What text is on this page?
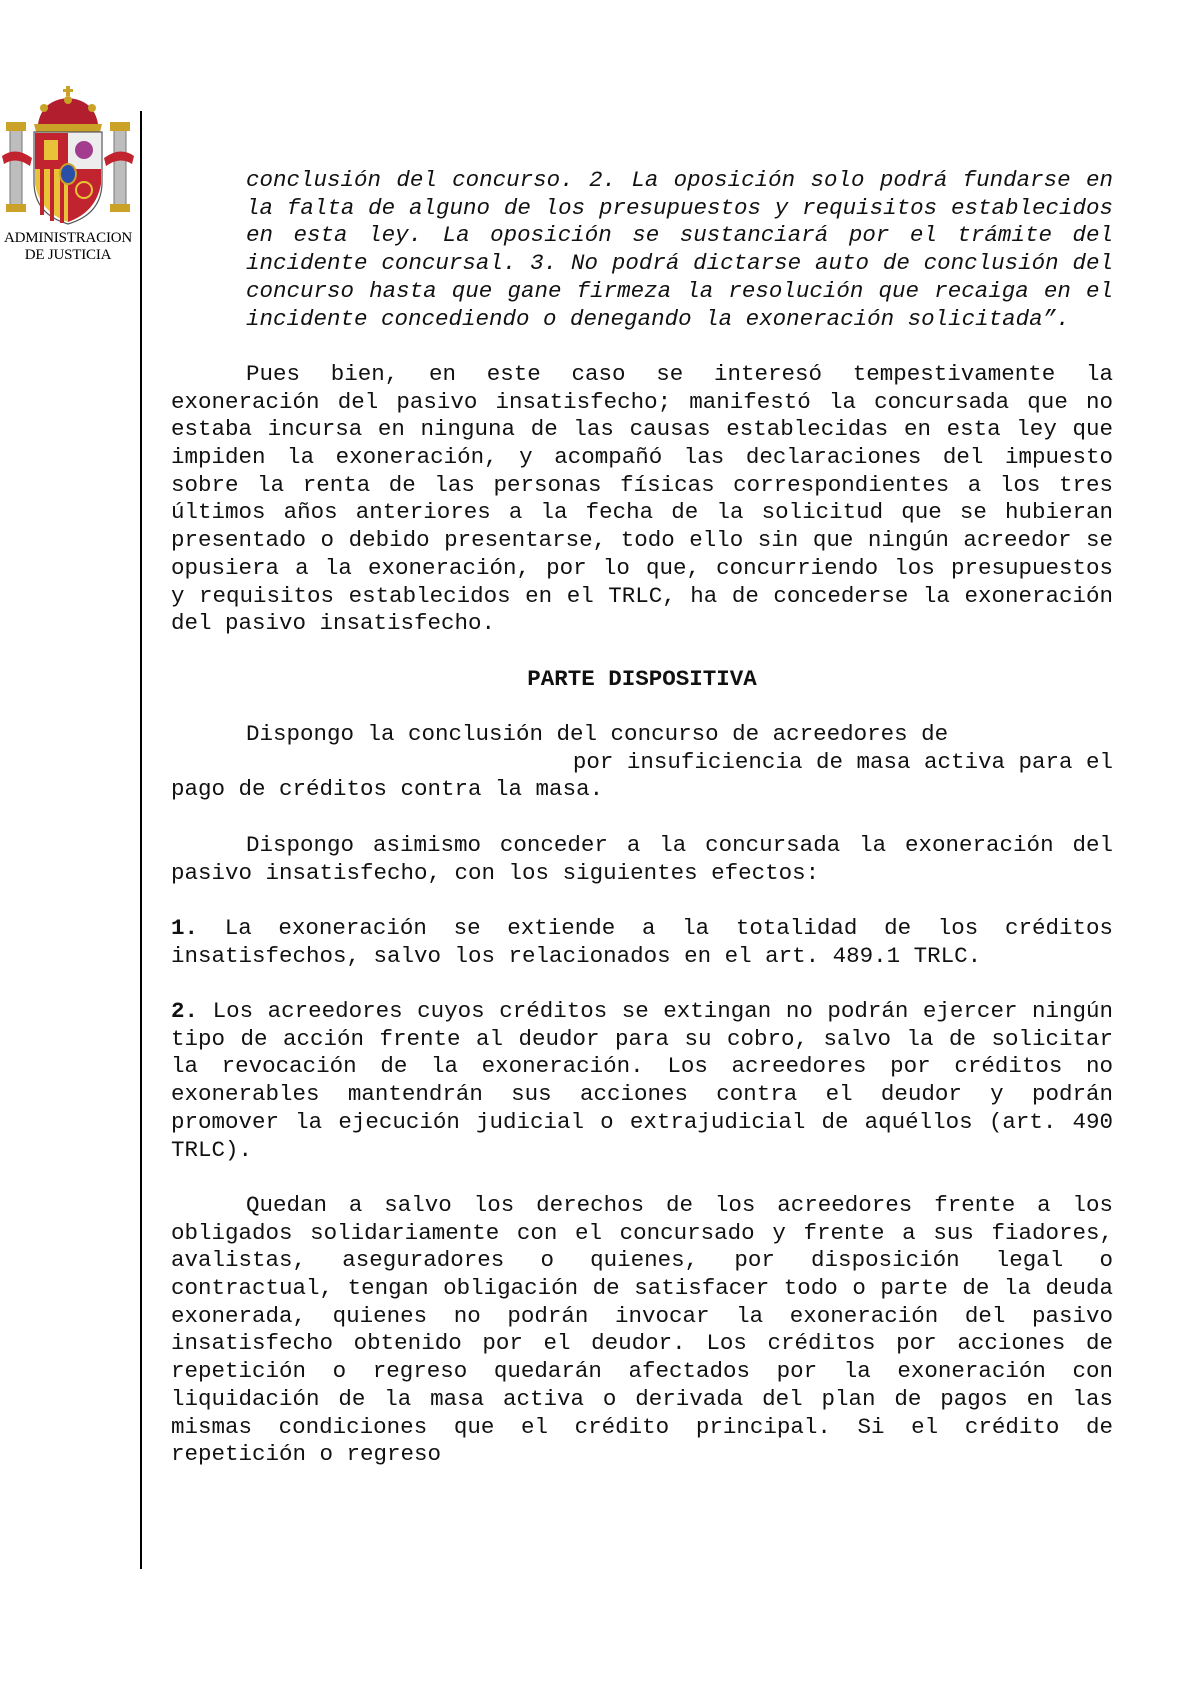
ADMINISTRACION
DE JUSTICIA

conclusión del concurso. 2. La oposición solo podrá fundarse en la falta de alguno de los presupuestos y requisitos establecidos en esta ley. La oposición se sustanciará por el trámite del incidente concursal. 3. No podrá dictarse auto de conclusión del concurso hasta que gane firmeza la resolución que recaiga en el incidente concediendo o denegando la exoneración solicitada”.

Pues bien, en este caso se interesó tempestivamente la exoneración del pasivo insatisfecho; manifestó la concursada que no estaba incursa en ninguna de las causas establecidas en esta ley que impiden la exoneración, y acompañó las declaraciones del impuesto sobre la renta de las personas físicas correspondientes a los tres últimos años anteriores a la fecha de la solicitud que se hubieran presentado o debido presentarse, todo ello sin que ningún acreedor se opusiera a la exoneración, por lo que, concurriendo los presupuestos y requisitos establecidos en el TRLC, ha de concederse la exoneración del pasivo insatisfecho.

PARTE DISPOSITIVA

Dispongo la conclusión del concurso de acreedores de

por insuficiencia de masa activa para el

pago de créditos contra la masa.

Dispongo asimismo conceder a la concursada la exoneración del pasivo insatisfecho, con los siguientes efectos:

1. La exoneración se extiende a la totalidad de los créditos insatisfechos, salvo los relacionados en el art. 489.1 TRLC.

2. Los acreedores cuyos créditos se extingan no podrán ejercer ningún tipo de acción frente al deudor para su cobro, salvo la de solicitar la revocación de la exoneración. Los acreedores por créditos no exonerables mantendrán sus acciones contra el deudor y podrán promover la ejecución judicial o extrajudicial de aquéllos (art. 490 TRLC).

Quedan a salvo los derechos de los acreedores frente a los obligados solidariamente con el concursado y frente a sus fiadores, avalistas, aseguradores o quienes, por disposición legal o contractual, tengan obligación de satisfacer todo o parte de la deuda exonerada, quienes no podrán invocar la exoneración del pasivo insatisfecho obtenido por el deudor. Los créditos por acciones de repetición o regreso quedarán afectados por la exoneración con liquidación de la masa activa o derivada del plan de pagos en las mismas condiciones que el crédito principal. Si el crédito de repetición o regreso
